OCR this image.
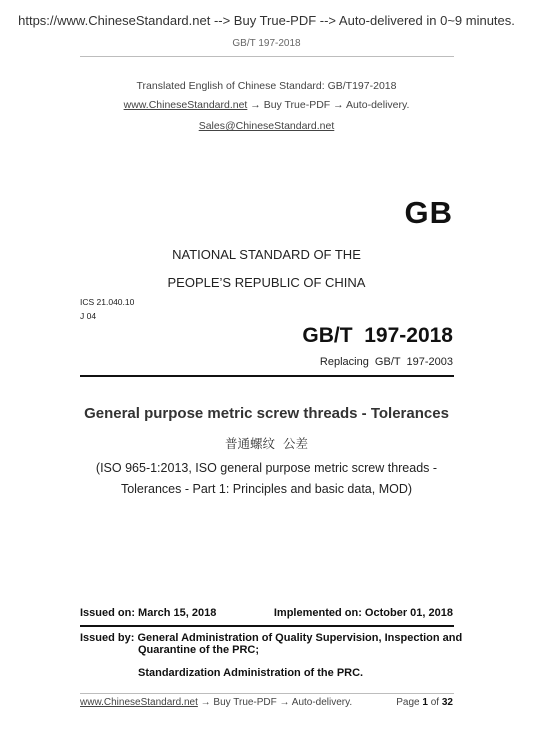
https://www.ChineseStandard.net --> Buy True-PDF --> Auto-delivered in 0~9 minutes.
GB/T 197-2018
Translated English of Chinese Standard: GB/T197-2018
www.ChineseStandard.net → Buy True-PDF → Auto-delivery.
Sales@ChineseStandard.net
GB
NATIONAL STANDARD OF THE
PEOPLE’S REPUBLIC OF CHINA
ICS 21.040.10
J 04
GB/T  197-2018
Replacing  GB/T  197-2003
General purpose metric screw threads - Tolerances
普通螺纹  公差
(ISO 965-1:2013, ISO general purpose metric screw threads -
Tolerances - Part 1: Principles and basic data, MOD)
Issued on: March 15, 2018	Implemented on: October 01, 2018
Issued by: General Administration of Quality Supervision, Inspection and
Quarantine of the PRC;
Standardization Administration of the PRC.
www.ChineseStandard.net → Buy True-PDF → Auto-delivery.	Page 1 of 32
